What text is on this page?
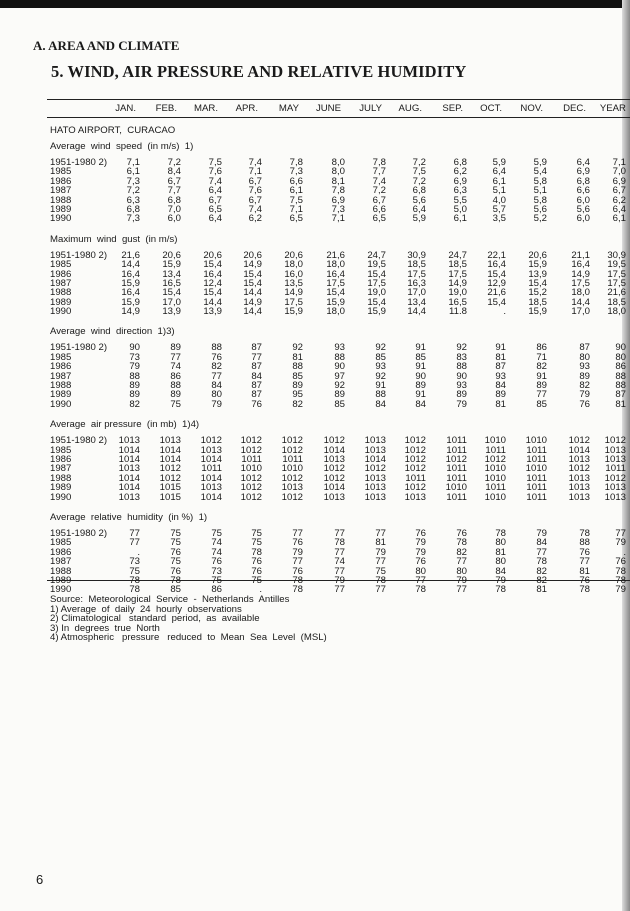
A. AREA AND CLIMATE
5. WIND, AIR PRESSURE AND RELATIVE HUMIDITY
JAN.	FEB.	MAR.	APR.	MAY	JUNE	JULY	AUG.	SEP.	OCT.	NOV.	DEC.	YEAR
HATO AIRPORT,  CURACAO
Average  wind  speed  (in m/s)  1)
1951-1980 2)	7,1	7,2	7,5	7,4	7,8	8,0	7,8	7,2	6,8	5,9	5,9	6,4	7,1
1985	6,1	8,4	7,6	7,1	7,3	8,0	7,7	7,5	6,2	6,4	5,4	6,9	7,0
1986	7,3	6,7	7,4	6,7	6,6	8,1	7,4	7,2	6,9	6,1	5,8	6,8	6,9
1987	7,2	7,7	6,4	7,6	6,1	7,8	7,2	6,8	6,3	5,1	5,1	6,6	6,7
1988	6,3	6,8	6,7	6,7	7,5	6,9	6,7	5,6	5,5	4,0	5,8	6,0	6,2
1989	6,8	7,0	6,5	7,4	7,1	7,3	6,6	6,4	5,0	5,7	5,6	5,6	6,4
1990	7,3	6,0	6,4	6,2	6,5	7,1	6,5	5,9	6,1	3,5	5,2	6,0	6,1
Maximum  wind  gust  (in m/s)
1951-1980 2)	21,6	20,6	20,6	20,6	20,6	21,6	24,7	30,9	24,7	22,1	20,6	21,1	30,9
1985	14,4	15,9	15,4	14,9	18,0	18,0	19,5	18,5	18,5	16,4	15,9	16,4	19,5
1986	16,4	13,4	16,4	15,4	16,0	16,4	15,4	17,5	17,5	15,4	13,9	14,9	17,5
1987	15,9	16,5	12,4	15,4	13,5	17,5	17,5	16,3	14,9	12,9	15,4	17,5	17,5
1988	16,4	15,4	15,4	14,4	14,9	15,4	19,0	17,0	19,0	21,6	15,2	18,0	21,6
1989	15,9	17,0	14,4	14,9	17,5	15,9	15,4	13,4	16,5	15,4	18,5	14,4	18,5
1990	14,9	13,9	13,9	14,4	15,9	18,0	15,9	14,4	11.8	.	15,9	17,0	18,0
Average  wind  direction  1)3)
1951-1980 2)	90	89	88	87	92	93	92	91	92	91	86	87	90
1985	73	77	76	77	81	88	85	85	83	81	71	80	80
1986	79	74	82	87	88	90	93	91	88	87	82	93	86
1987	88	86	77	84	85	97	92	90	90	93	91	89	88
1988	89	88	84	87	89	92	91	89	93	84	89	82	88
1989	89	89	80	87	95	89	88	91	89	89	77	79	87
1990	82	75	79	76	82	85	84	84	79	81	85	76	81
Average  air pressure  (in mb)  1)4)
1951-1980 2)	1013	1013	1012	1012	1012	1012	1013	1012	1011	1010	1010	1012	1012
1985	1014	1014	1013	1012	1012	1014	1013	1012	1011	1011	1011	1014	1013
1986	1014	1014	1014	1011	1011	1013	1014	1012	1012	1012	1011	1013	1013
1987	1013	1012	1011	1010	1010	1012	1012	1012	1011	1010	1010	1012	1011
1988	1014	1012	1014	1012	1012	1012	1013	1011	1011	1010	1011	1013	1012
1989	1014	1015	1013	1012	1013	1014	1013	1012	1010	1011	1011	1013	1013
1990	1013	1015	1014	1012	1012	1013	1013	1013	1011	1010	1011	1013	1013
Average  relative  humidity  (in %)  1)
1951-1980 2)	77	75	75	75	77	77	77	76	76	78	79	78	77
1985	77	75	74	75	76	78	81	79	78	80	84	88	79
1986	.	76	74	78	79	77	79	79	82	81	77	76	.
1987	73	75	76	76	77	74	77	76	77	80	78	77	76
1988	75	76	73	76	76	77	75	80	80	84	82	81	78
1989	78	78	75	75	78	79	78	77	79	79	82	76	78
1990	78	85	86	.	78	77	77	78	77	78	81	78	79
Source:  Meteorological  Service  -  Netherlands  Antilles
1) Average  of  daily  24  hourly  observations
2) Climatological   standard  period,  as  available
3) In  degrees  true  North
4) Atmospheric   pressure   reduced  to  Mean  Sea  Level  (MSL)
6
